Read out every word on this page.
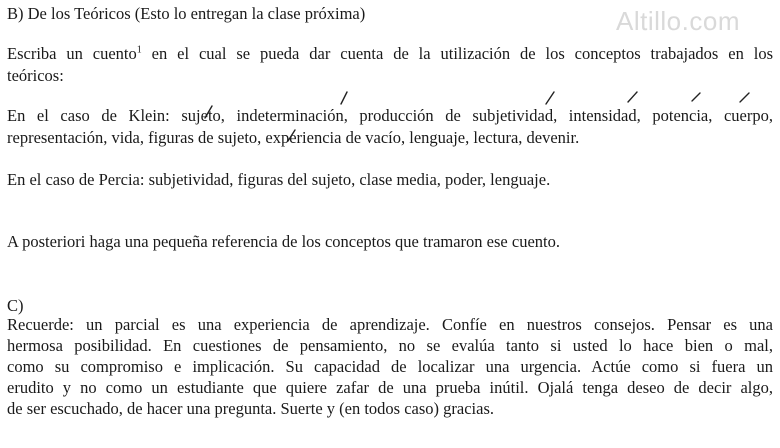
Altillo.com
B) De los Teóricos (Esto lo entregan la clase próxima)
Escriba un cuento$^1$ en el cual se pueda dar cuenta de la utilización de los conceptos trabajados en los
teóricos:
En el caso de Klein: sujeto, indeterminación, producción de subjetividad, intensidad, potencia, cuerpo,
representación, vida, figuras de sujeto, experiencia de vacío, lenguaje, lectura, devenir.
En el caso de Percia: subjetividad, figuras del sujeto, clase media, poder, lenguaje.
A posteriori haga una pequeña referencia de los conceptos que tramaron ese cuento.
C)
Recuerde: un parcial es una experiencia de aprendizaje. Confíe en nuestros consejos. Pensar es una
hermosa posibilidad. En cuestiones de pensamiento, no se evalúa tanto si usted lo hace bien o mal,
como su compromiso e implicación. Su capacidad de localizar una urgencia. Actúe como si fuera un
erudito y no como un estudiante que quiere zafar de una prueba inútil. Ojalá tenga deseo de decir algo,
de ser escuchado, de hacer una pregunta. Suerte y (en todos caso) gracias.
